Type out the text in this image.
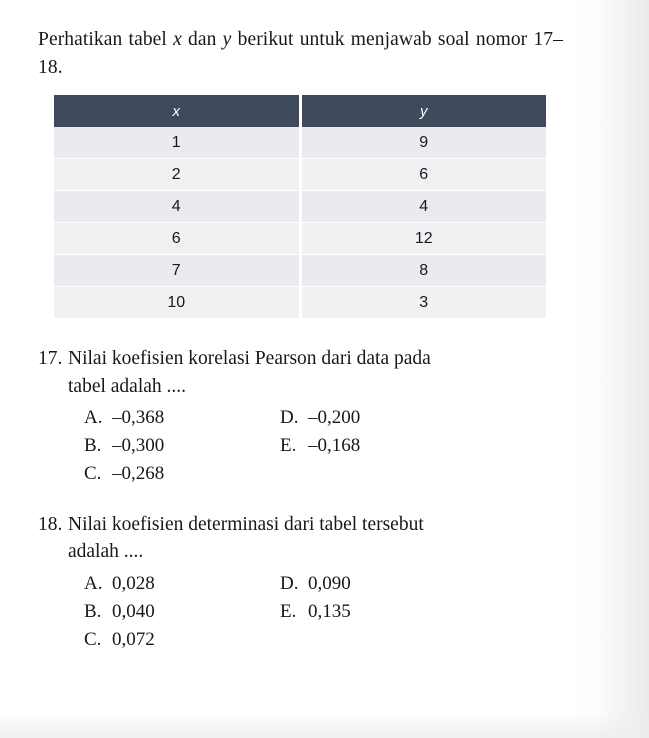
Perhatikan tabel x dan y berikut untuk menjawab soal nomor 17–18.

x	y
1	9
2	6
4	4
6	12
7	8
10	3
17. Nilai koefisien korelasi Pearson dari data pada
tabel adalah ....
A. –0,368	D. –0,200
B. –0,300	E. –0,168
C. –0,268
18. Nilai koefisien determinasi dari tabel tersebut
adalah ....
A. 0,028	D. 0,090
B. 0,040	E. 0,135
C. 0,072
